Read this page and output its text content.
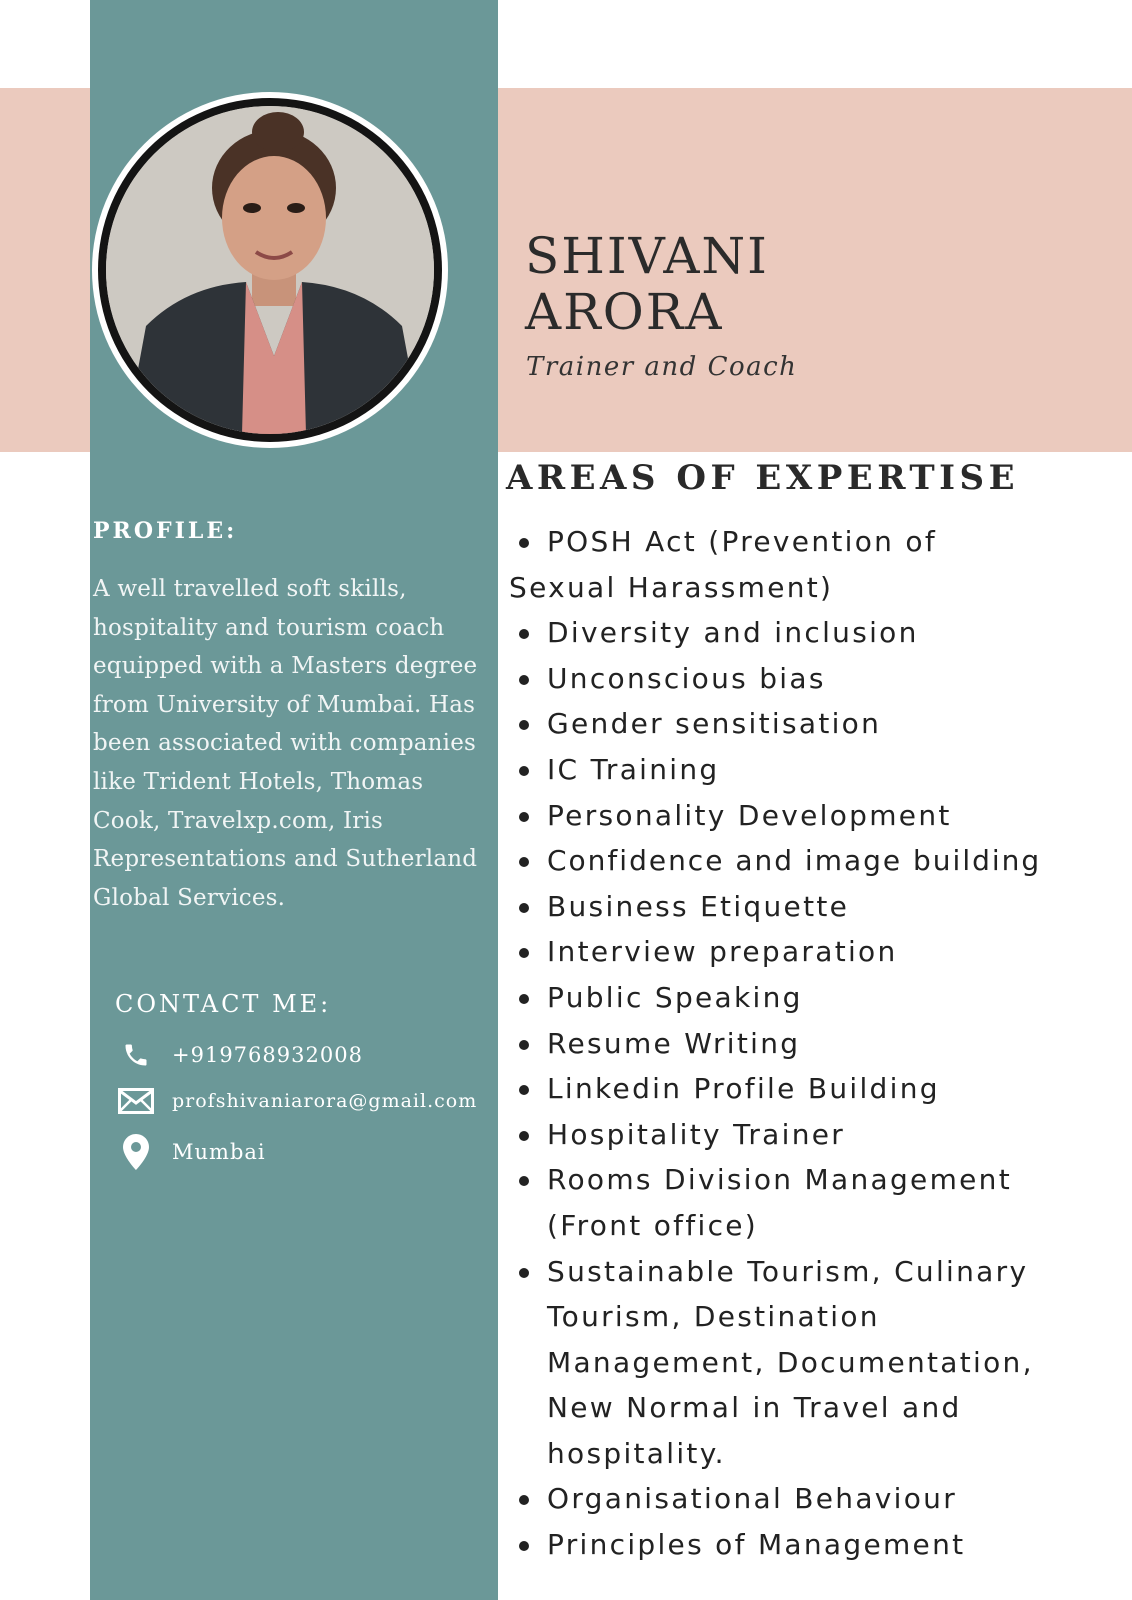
SHIVANI
ARORA
Trainer and Coach
PROFILE:

A well travelled soft skills, hospitality and tourism coach equipped with a Masters degree from University of Mumbai. Has been associated with companies like Trident Hotels, Thomas Cook, Travelxp.com, Iris Representations and Sutherland Global Services.

CONTACT ME:
+919768932008
profshivaniarora@gmail.com
Mumbai
AREAS OF EXPERTISE
POSH Act (Prevention of
Sexual Harassment)
Diversity and inclusion
Unconscious bias
Gender sensitisation
IC Training
Personality Development
Confidence and image building
Business Etiquette
Interview preparation
Public Speaking
Resume Writing
Linkedin Profile Building
Hospitality Trainer
Rooms Division Management (Front office)
Sustainable Tourism, Culinary Tourism, Destination Management, Documentation, New Normal in Travel and hospitality.
Organisational Behaviour
Principles of Management
